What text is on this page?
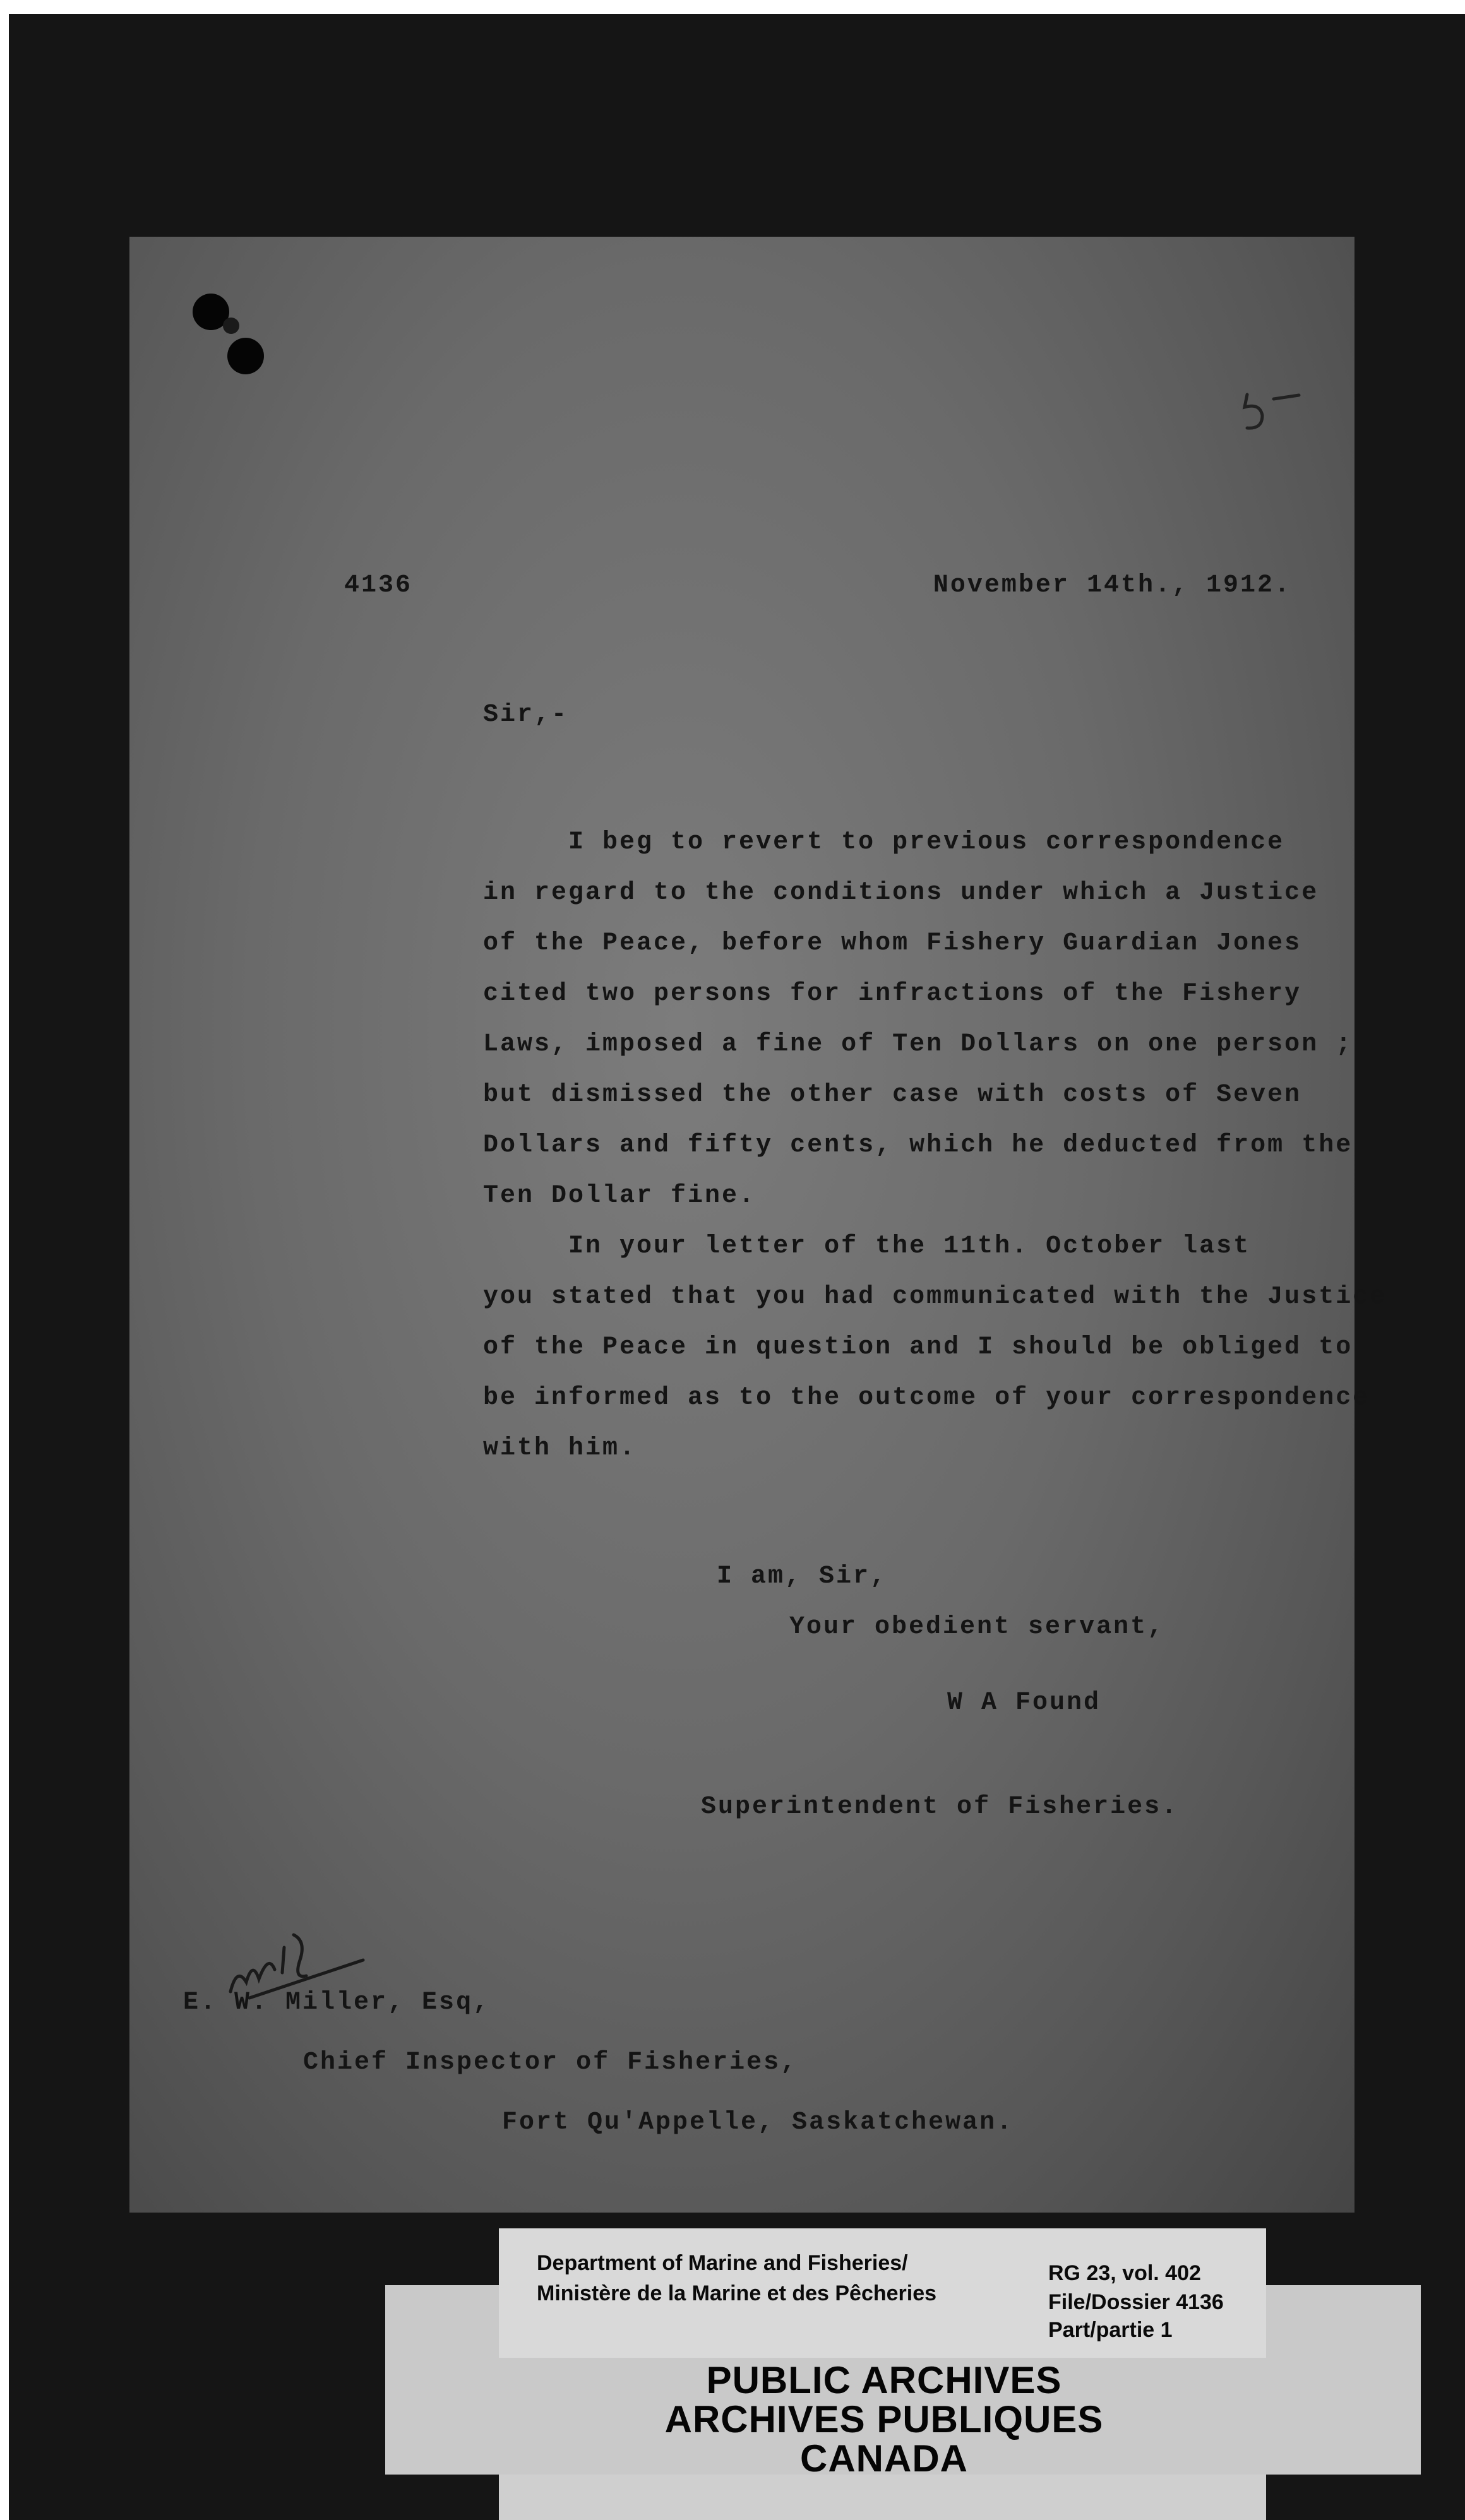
4136	November 14th., 1912.
Sir,-
I beg to revert to previous correspondence
in regard to the conditions under which a Justice
of the Peace, before whom Fishery Guardian Jones
cited two persons for infractions of the Fishery
Laws, imposed a fine of Ten Dollars on one person ;
but dismissed the other case with costs of Seven
Dollars and fifty cents, which he deducted from the
Ten Dollar fine.
In your letter of the 11th. October last
you stated that you had communicated with the Justice
of the Peace in question and I should be obliged to
be informed as to the outcome of your correspondence
with him.
I am, Sir,
Your obedient servant,
W A Found
Superintendent of Fisheries.
E. W. Miller, Esq,
Chief Inspector of Fisheries,
Fort Qu'Appelle, Saskatchewan.
Department of Marine and Fisheries/
Ministère de la Marine et des Pêcheries
RG 23, vol. 402
File/Dossier 4136
Part/partie 1
PUBLIC ARCHIVES
ARCHIVES PUBLIQUES
CANADA
